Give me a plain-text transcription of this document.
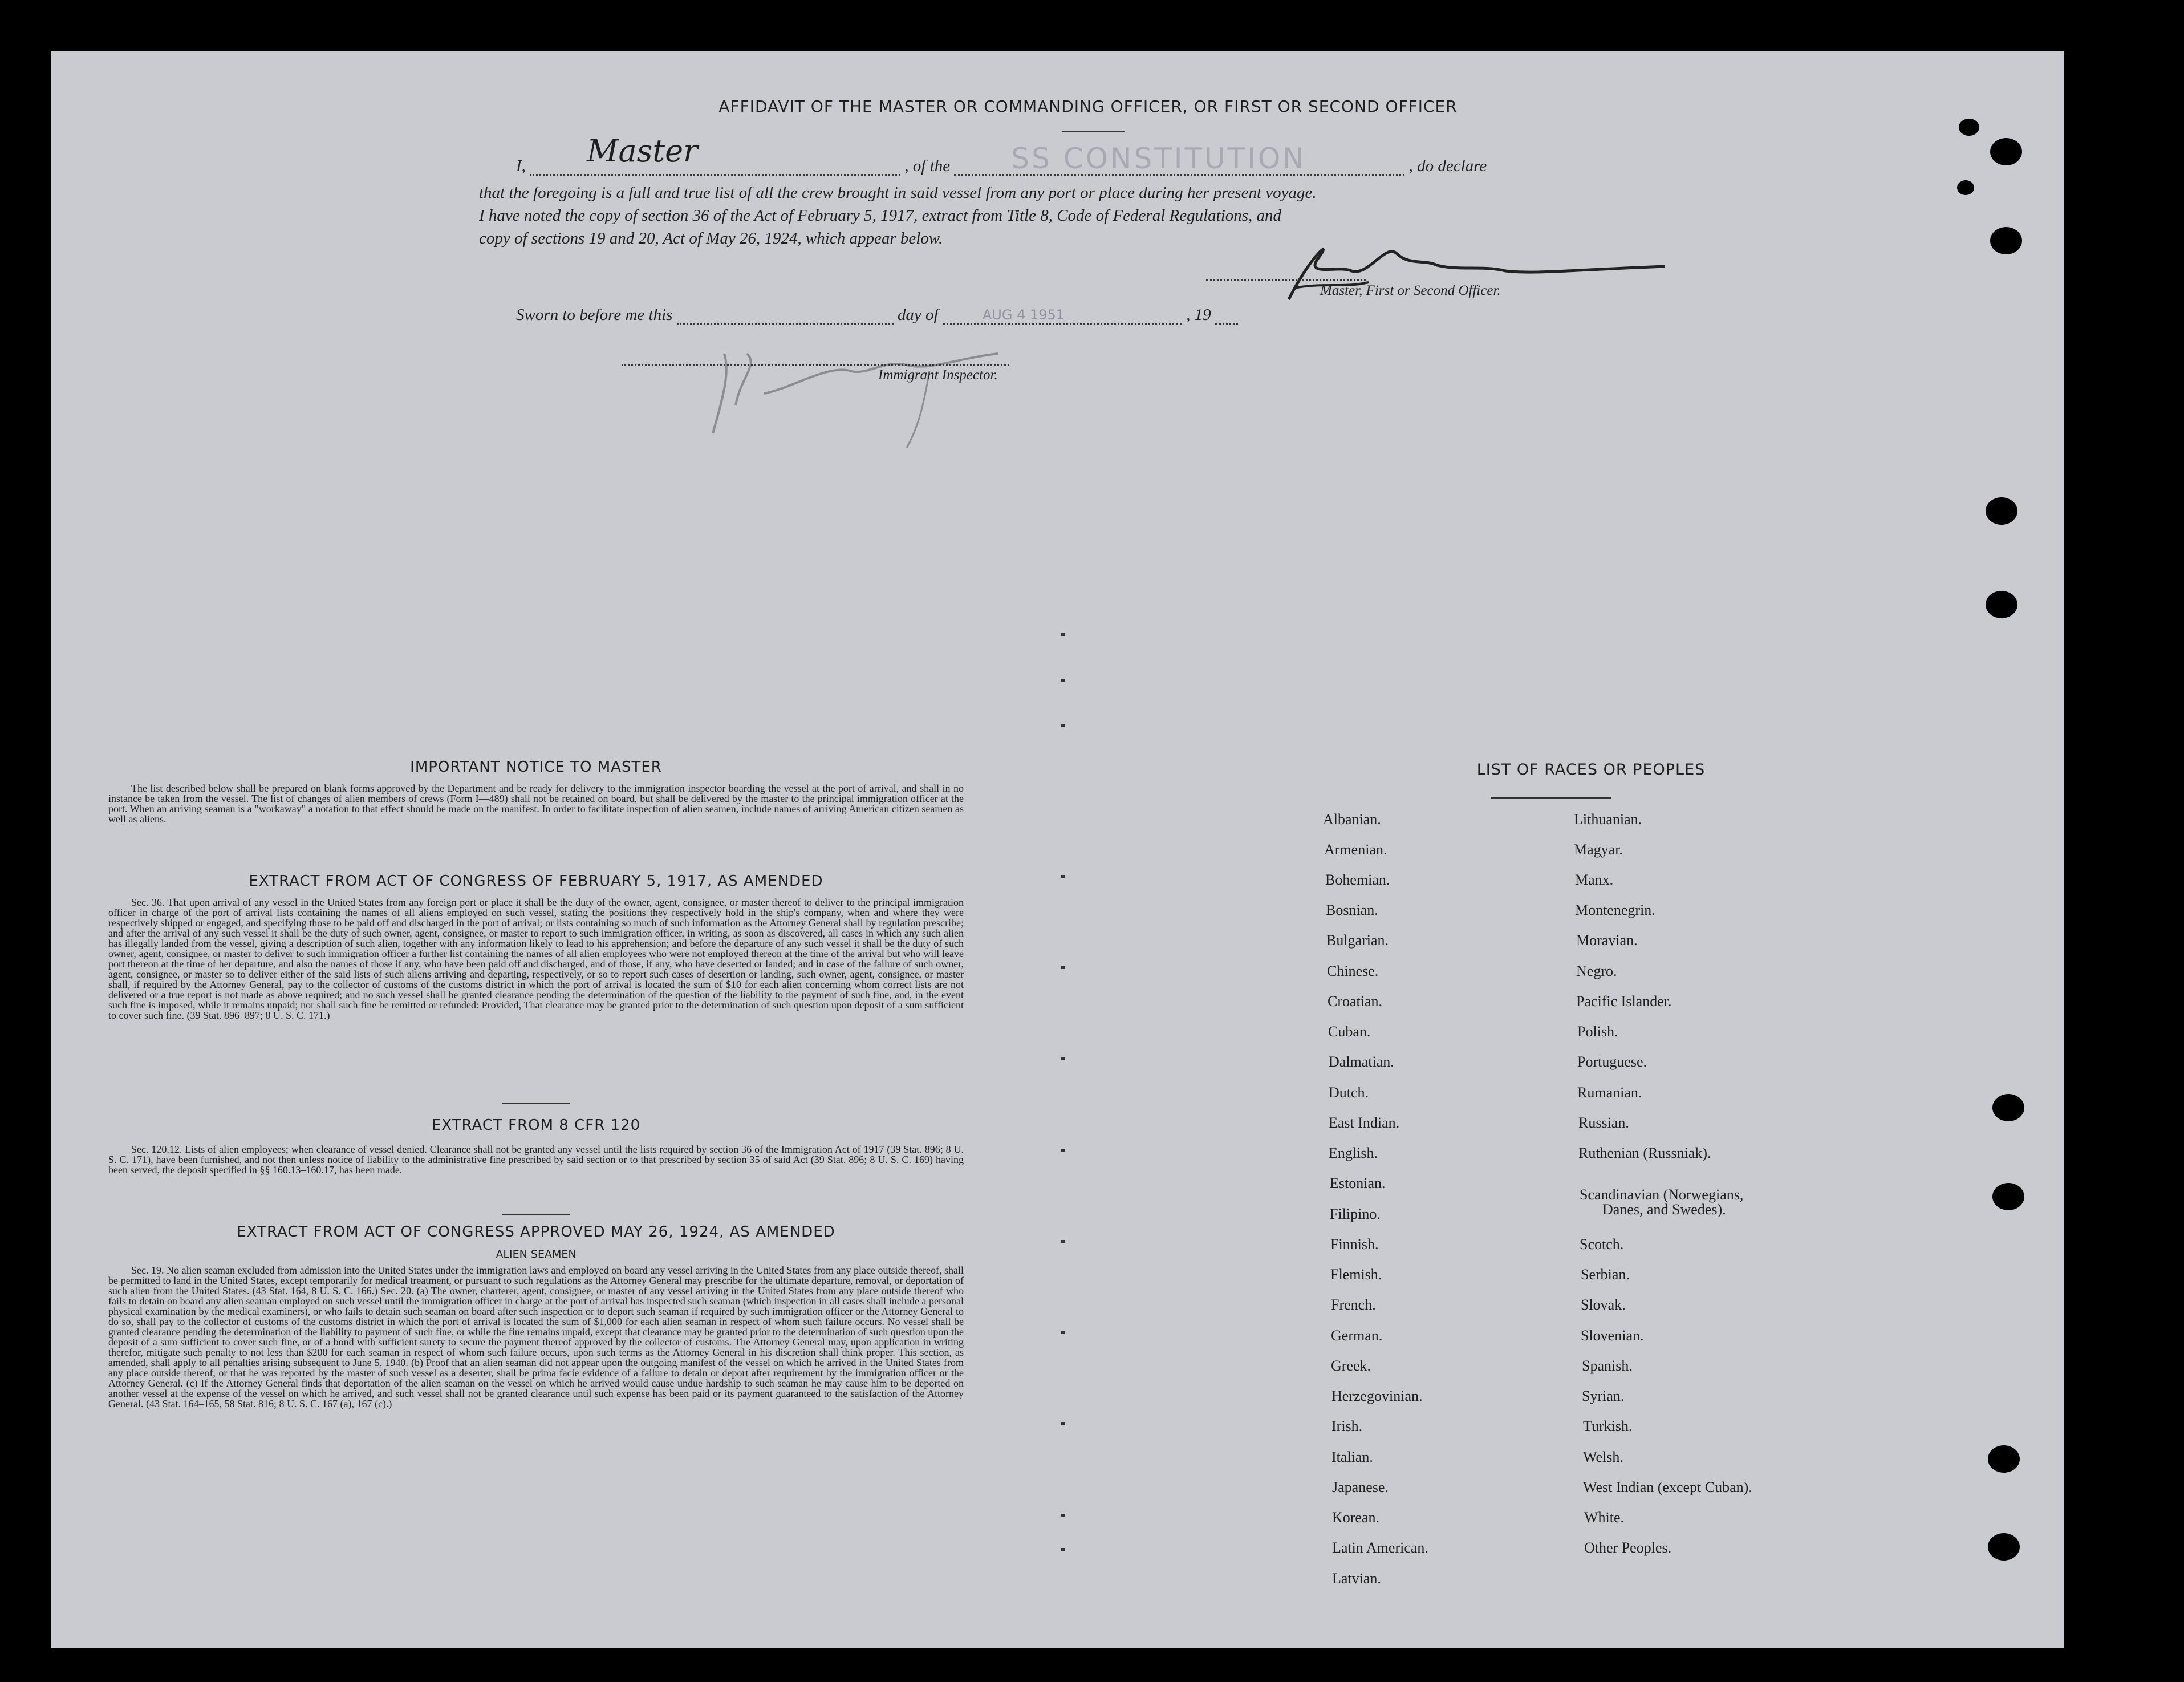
AFFIDAVIT OF THE MASTER OR COMMANDING OFFICER, OR FIRST OR SECOND OFFICER
I, Master	, of the SS CONSTITUTION	, do declare
that the foregoing is a full and true list of all the crew brought in said vessel from any port or place during her present voyage.
I have noted the copy of section 36 of the Act of February 5, 1917, extract from Title 8, Code of Federal Regulations, and
copy of sections 19 and 20, Act of May 26, 1924, which appear below.
Master, First or Second Officer.
Sworn to before me this	day of	AUG 4 1951	, 19
Immigrant Inspector.
IMPORTANT NOTICE TO MASTER
The list described below shall be prepared on blank forms approved by the Department and be ready for delivery to the immigration inspector boarding the vessel at the port of arrival, and shall in no instance be taken from the vessel. The list of changes of alien members of crews (Form I—489) shall not be retained on board, but shall be delivered by the master to the principal immigration officer at the port. When an arriving seaman is a "workaway" a notation to that effect should be made on the manifest. In order to facilitate inspection of alien seamen, include names of arriving American citizen seamen as well as aliens.
EXTRACT FROM ACT OF CONGRESS OF FEBRUARY 5, 1917, AS AMENDED
Sec. 36. That upon arrival of any vessel in the United States from any foreign port or place it shall be the duty of the owner, agent, consignee, or master thereof to deliver to the principal immigration officer in charge of the port of arrival lists containing the names of all aliens employed on such vessel, stating the positions they respectively hold in the ship's company, when and where they were respectively shipped or engaged, and specifying those to be paid off and discharged in the port of arrival; or lists containing so much of such information as the Attorney General shall by regulation prescribe; and after the arrival of any such vessel it shall be the duty of such owner, agent, consignee, or master to report to such immigration officer, in writing, as soon as discovered, all cases in which any such alien has illegally landed from the vessel, giving a description of such alien, together with any information likely to lead to his apprehension; and before the departure of any such vessel it shall be the duty of such owner, agent, consignee, or master to deliver to such immigration officer a further list containing the names of all alien employees who were not employed thereon at the time of the arrival but who will leave port thereon at the time of her departure, and also the names of those if any, who have been paid off and discharged, and of those, if any, who have deserted or landed; and in case of the failure of such owner, agent, consignee, or master so to deliver either of the said lists of such aliens arriving and departing, respectively, or so to report such cases of desertion or landing, such owner, agent, consignee, or master shall, if required by the Attorney General, pay to the collector of customs of the customs district in which the port of arrival is located the sum of $10 for each alien concerning whom correct lists are not delivered or a true report is not made as above required; and no such vessel shall be granted clearance pending the determination of the question of the liability to the payment of such fine, and, in the event such fine is imposed, while it remains unpaid; nor shall such fine be remitted or refunded: Provided, That clearance may be granted prior to the determination of such question upon deposit of a sum sufficient to cover such fine. (39 Stat. 896–897; 8 U. S. C. 171.)
EXTRACT FROM 8 CFR 120
Sec. 120.12. Lists of alien employees; when clearance of vessel denied. Clearance shall not be granted any vessel until the lists required by section 36 of the Immigration Act of 1917 (39 Stat. 896; 8 U. S. C. 171), have been furnished, and not then unless notice of liability to the administrative fine prescribed by said section or to that prescribed by section 35 of said Act (39 Stat. 896; 8 U. S. C. 169) having been served, the deposit specified in §§ 160.13–160.17, has been made.
EXTRACT FROM ACT OF CONGRESS APPROVED MAY 26, 1924, AS AMENDED
ALIEN SEAMEN
Sec. 19. No alien seaman excluded from admission into the United States under the immigration laws and employed on board any vessel arriving in the United States from any place outside thereof, shall be permitted to land in the United States, except temporarily for medical treatment, or pursuant to such regulations as the Attorney General may prescribe for the ultimate departure, removal, or deportation of such alien from the United States. (43 Stat. 164, 8 U. S. C. 166.) Sec. 20. (a) The owner, charterer, agent, consignee, or master of any vessel arriving in the United States from any place outside thereof who fails to detain on board any alien seaman employed on such vessel until the immigration officer in charge at the port of arrival has inspected such seaman (which inspection in all cases shall include a personal physical examination by the medical examiners), or who fails to detain such seaman on board after such inspection or to deport such seaman if required by such immigration officer or the Attorney General to do so, shall pay to the collector of customs of the customs district in which the port of arrival is located the sum of $1,000 for each alien seaman in respect of whom such failure occurs. No vessel shall be granted clearance pending the determination of the liability to payment of such fine, or while the fine remains unpaid, except that clearance may be granted prior to the determination of such question upon the deposit of a sum sufficient to cover such fine, or of a bond with sufficient surety to secure the payment thereof approved by the collector of customs. The Attorney General may, upon application in writing therefor, mitigate such penalty to not less than $200 for each seaman in respect of whom such failure occurs, upon such terms as the Attorney General in his discretion shall think proper. This section, as amended, shall apply to all penalties arising subsequent to June 5, 1940. (b) Proof that an alien seaman did not appear upon the outgoing manifest of the vessel on which he arrived in the United States from any place outside thereof, or that he was reported by the master of such vessel as a deserter, shall be prima facie evidence of a failure to detain or deport after requirement by the immigration officer or the Attorney General. (c) If the Attorney General finds that deportation of the alien seaman on the vessel on which he arrived would cause undue hardship to such seaman he may cause him to be deported on another vessel at the expense of the vessel on which he arrived, and such vessel shall not be granted clearance until such expense has been paid or its payment guaranteed to the satisfaction of the Attorney General. (43 Stat. 164–165, 58 Stat. 816; 8 U. S. C. 167 (a), 167 (c).)
LIST OF RACES OR PEOPLES
Albanian.
Armenian.
Bohemian.
Bosnian.
Bulgarian.
Chinese.
Croatian.
Cuban.
Dalmatian.
Dutch.
East Indian.
English.
Estonian.
Filipino.
Finnish.
Flemish.
French.
German.
Greek.
Herzegovinian.
Irish.
Italian.
Japanese.
Korean.
Latin American.
Latvian.
Lithuanian.
Magyar.
Manx.
Montenegrin.
Moravian.
Negro.
Pacific Islander.
Polish.
Portuguese.
Rumanian.
Russian.
Ruthenian (Russniak).
Scandinavian (Norwegians,
Danes, and Swedes).
Scotch.
Serbian.
Slovak.
Slovenian.
Spanish.
Syrian.
Turkish.
Welsh.
West Indian (except Cuban).
White.
Other Peoples.
